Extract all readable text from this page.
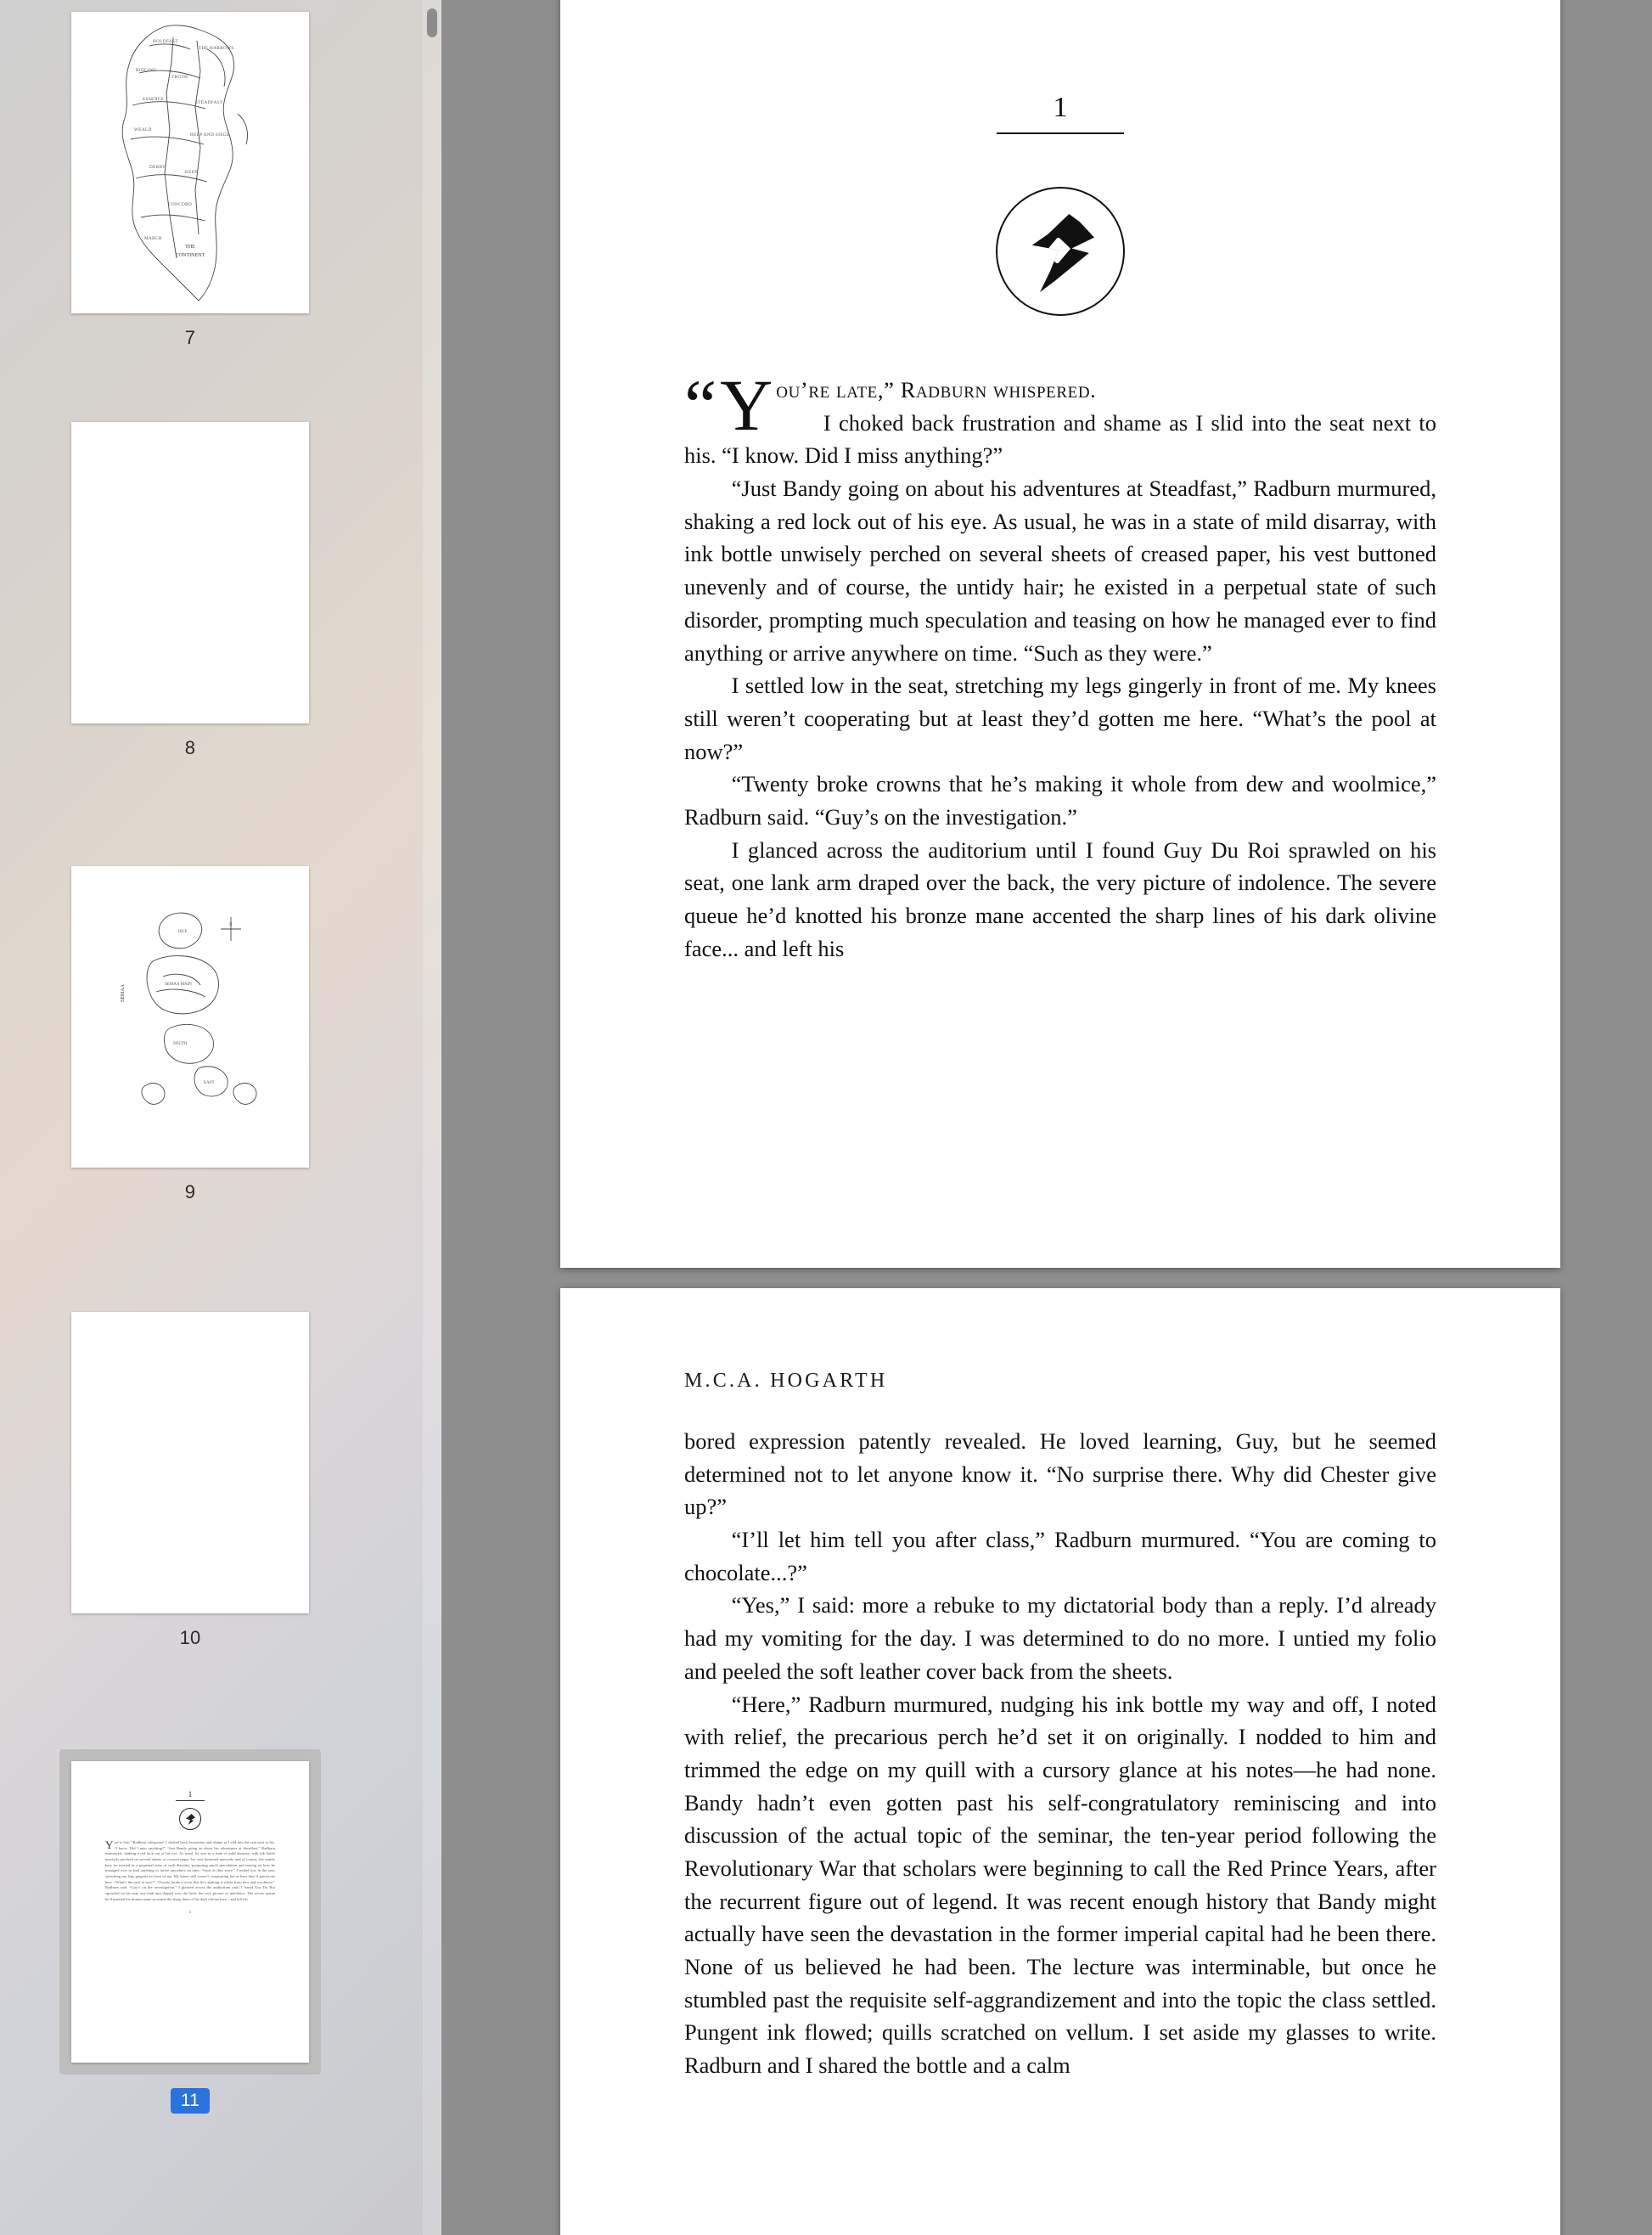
HOLDFAST
THE HARROWS
RIDGING
TROTH
ESSENCE
STEADFAST
WEALD
HELP AND SIEGE
DERRY
KEEP
CONCORD
MARCH
THE
CONTINENT
7
8
ISLE
SEMAA MAIN
SOUTH
EAST
N
SEMAA
9
10
1
Y ou’re late,” Radburn whispered. I choked back frustration and shame as I slid into the seat next to his. “I know. Did I miss anything?” “Just Bandy going on about his adventures at Steadfast,” Radburn murmured, shaking a red lock out of his eye. As usual, he was in a state of mild disarray, with ink bottle unwisely perched on several sheets of creased paper, his vest buttoned unevenly and of course, the untidy hair; he existed in a perpetual state of such disorder, prompting much speculation and teasing on how he managed ever to find anything or arrive anywhere on time. “Such as they were.” I settled low in the seat, stretching my legs gingerly in front of me. My knees still weren’t cooperating but at least they’d gotten me here. “What’s the pool at now?” “Twenty broke crowns that he’s making it whole from dew and woolmice,” Radburn said. “Guy’s on the investigation.” I glanced across the auditorium until I found Guy Du Roi sprawled on his seat, one lank arm draped over the back, the very picture of indolence. The severe queue he’d knotted his bronze mane accented the sharp lines of his dark olivine face... and left his
1
11
1

“ Y ou’re late,” Radburn whispered.

I choked back frustration and shame as I slid into the seat next to his. “I know. Did I miss anything?”

“Just Bandy going on about his adventures at Steadfast,” Radburn murmured, shaking a red lock out of his eye. As usual, he was in a state of mild disarray, with ink bottle unwisely perched on several sheets of creased paper, his vest buttoned unevenly and of course, the untidy hair; he existed in a perpetual state of such disorder, prompting much speculation and teasing on how he managed ever to find anything or arrive anywhere on time. “Such as they were.”

I settled low in the seat, stretching my legs gingerly in front of me. My knees still weren’t cooperating but at least they’d gotten me here. “What’s the pool at now?”

“Twenty broke crowns that he’s making it whole from dew and woolmice,” Radburn said. “Guy’s on the investigation.”

I glanced across the auditorium until I found Guy Du Roi sprawled on his seat, one lank arm draped over the back, the very picture of indolence. The severe queue he’d knotted his bronze mane accented the sharp lines of his dark olivine face... and left his

M.C.A. HOGARTH

bored expression patently revealed. He loved learning, Guy, but he seemed determined not to let anyone know it. “No surprise there. Why did Chester give up?”

“I’ll let him tell you after class,” Radburn murmured. “You are coming to chocolate...?”

“Yes,” I said: more a rebuke to my dictatorial body than a reply. I’d already had my vomiting for the day. I was determined to do no more. I untied my folio and peeled the soft leather cover back from the sheets.

“Here,” Radburn murmured, nudging his ink bottle my way and off, I noted with relief, the precarious perch he’d set it on originally. I nodded to him and trimmed the edge on my quill with a cursory glance at his notes—he had none. Bandy hadn’t even gotten past his self-congratulatory reminiscing and into discussion of the actual topic of the seminar, the ten-year period following the Revolutionary War that scholars were beginning to call the Red Prince Years, after the recurrent figure out of legend. It was recent enough history that Bandy might actually have seen the devastation in the former imperial capital had he been there. None of us believed he had been. The lecture was interminable, but once he stumbled past the requisite self-aggrandizement and into the topic the class settled. Pungent ink flowed; quills scratched on vellum. I set aside my glasses to write. Radburn and I shared the bottle and a calm
